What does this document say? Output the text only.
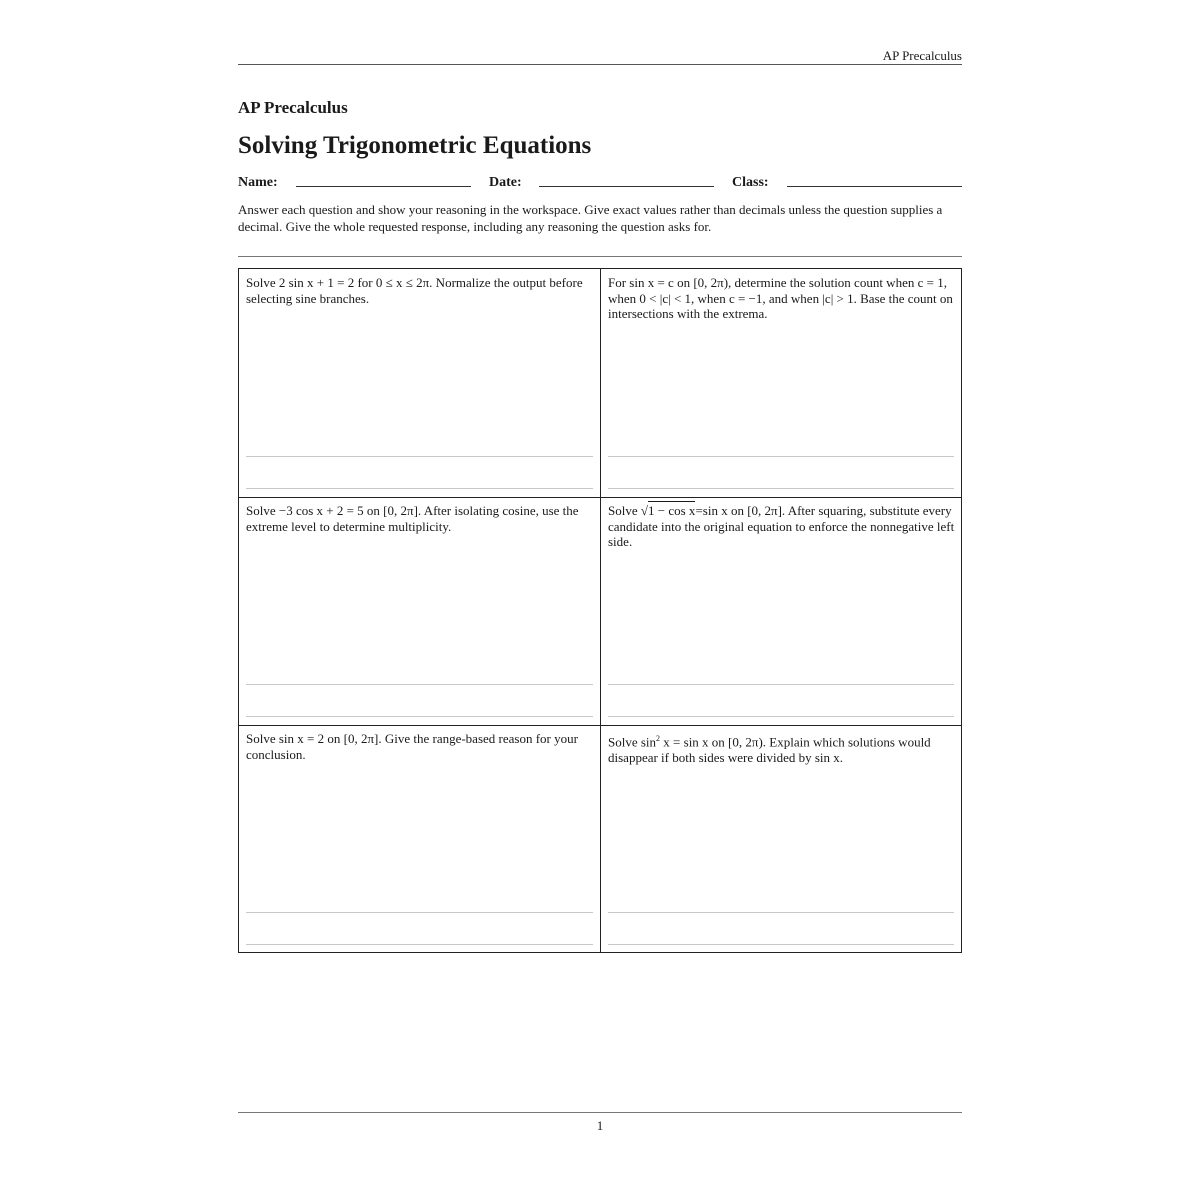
AP Precalculus
AP Precalculus
Solving Trigonometric Equations
Name:	Date:	Class:
Answer each question and show your reasoning in the workspace. Give exact values rather than decimals unless the question supplies a decimal. Give the whole requested response, including any reasoning the question asks for.
Solve 2 sin x + 1 = 2 for 0 ≤ x ≤ 2π. Normalize the output before selecting sine branches.
For sin x = c on [0, 2π), determine the solution count when c = 1, when 0 < |c| < 1, when c = −1, and when |c| > 1. Base the count on intersections with the extrema.
Solve −3 cos x + 2 = 5 on [0, 2π]. After isolating cosine, use the extreme level to determine multiplicity.
Solve √1 − cos x=sin x on [0, 2π]. After squaring, substitute every candidate into the original equation to enforce the nonnegative left side.
Solve sin x = 2 on [0, 2π]. Give the range-based reason for your conclusion.
Solve $\sin^2 x = \sin x$ on [0, 2π). Explain which solutions would disappear if both sides were divided by sin x.
1
